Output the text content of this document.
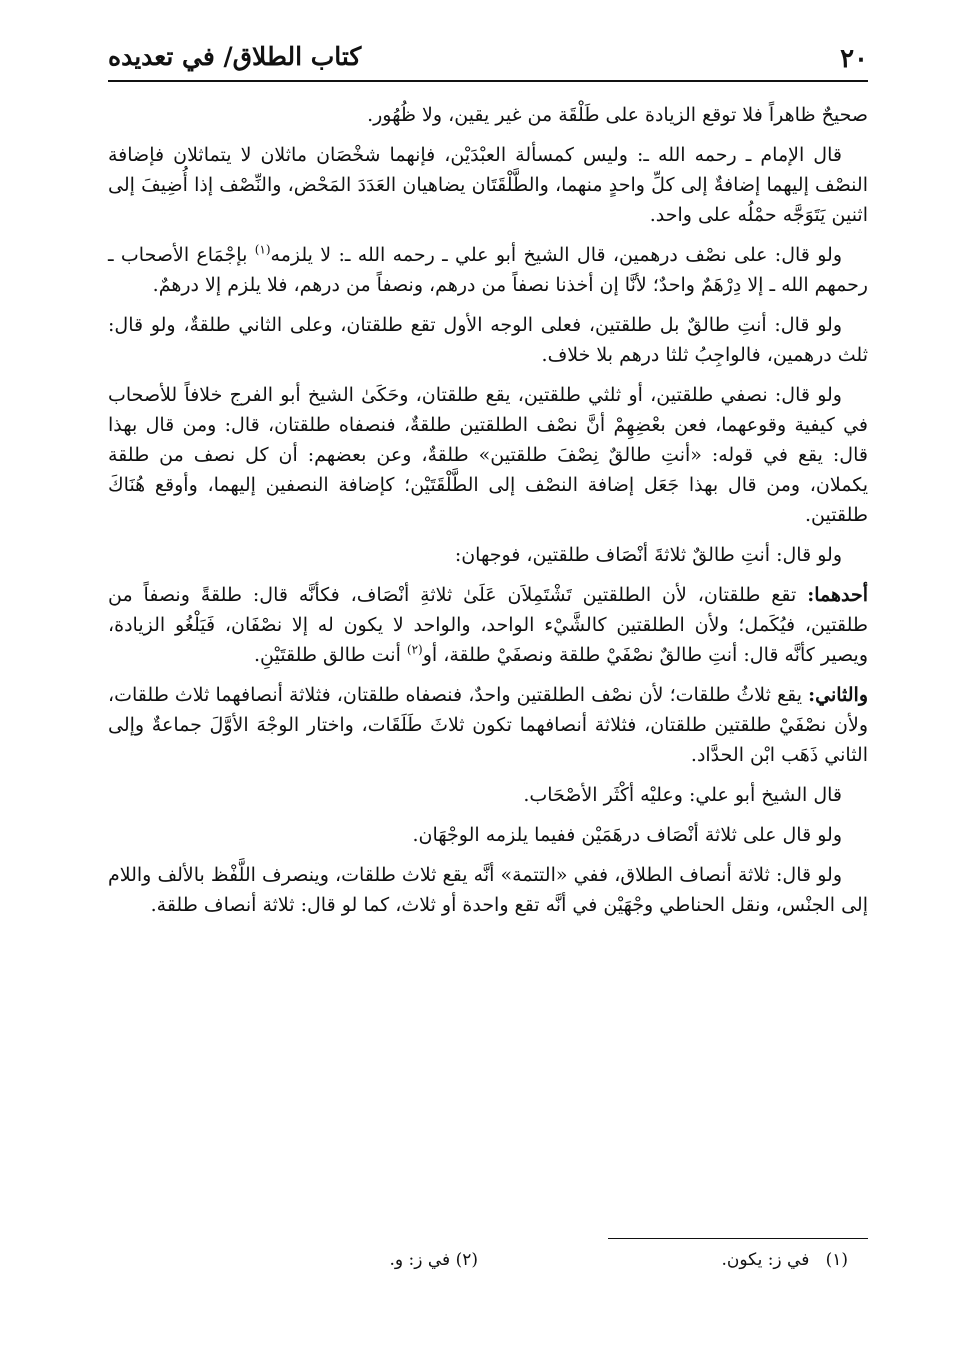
٢٠
كتاب الطلاق/ في تعديده

صحيحٌ ظاهراً فلا توقع الزيادة على طَلْقَة من غير يقين، ولا ظُهُور.

قال الإمام ـ رحمه الله ـ: وليس كمسألة العبْدَيْن، فإنهما شخْصَان ماثلان لا يتماثلان فإضافة النصْف إليهما إضافةٌ إلى كلِّ واحدٍ منهما، والطَّلْقَتَان يضاهيان العَدَدَ المَحْض، والنِّصْف إذا أُضِيفَ إلى اثنين يَتَوَجَّه حمْلُه على واحد.

ولو قال: على نصْف درهمين، قال الشيخ أبو علي ـ رحمه الله ـ: لا يلزمه$^{(١)}$ بإجْمَاع الأصحاب ـ رحمهم الله ـ إلا دِرْهَمٌ واحدٌ؛ لأنَّا إن أخذنا نصفاً من درهم، ونصفاً من درهم، فلا يلزم إلا درهمٌ.

ولو قال: أنتِ طالقٌ بل طلقتين، فعلى الوجه الأول تقع طلقتان، وعلى الثاني طلقةٌ، ولو قال: ثلث درهمين، فالواجِبُ ثلثا درهم بلا خلاف.

ولو قال: نصفي طلقتين، أو ثلثي طلقتين، يقع طلقتان، وحَكَىٰ الشيخ أبو الفرج خلافاً للأصحاب في كيفية وقوعهما، فعن بعْضِهِمْ أنَّ نصْف الطلقتين طلقةٌ، فنصفاه طلقتان، قال: ومن قال بهذا قال: يقع في قوله: «أنتِ طالقٌ نِصْفَ طلقتين» طلقةٌ، وعن بعضهم: أن كل نصف من طلقة يكملان، ومن قال بهذا جَعَل إضافة النصْف إلى الطَّلْقَتَيْن؛ كإضافة النصفين إليهما، وأوقع هُنَاكَ طلقتين.

ولو قال: أنتِ طالقٌ ثلاثةَ أنْصَاف طلقتين، فوجهان:

أحدهما: تقع طلقتان، لأن الطلقتين تَشْتَمِلاَن عَلَىٰ ثلاثةِ أنْصَاف، فكأنَّه قال: طلقةً ونصفاً من طلقتين، فيُكَمل؛ ولأن الطلقتين كالشَّيْء الواحد، والواحد لا يكون له إلا نصْفَان، فَيَلْغُو الزيادة، ويصير كأنَّه قال: أنتِ طالقٌ نصْفَيْ طلقة ونصفَيْ طلقة، أو$^{(٢)}$ أنت طالق طلقتَيْنِ.

والثاني: يقع ثلاثُ طلقات؛ لأن نصْف الطلقتين واحدٌ، فنصفاه طلقتان، فثلاثة أنصافهما ثلاث طلقات، ولأن نصْفَيْ طلقتين طلقتان، فثلاثة أنصافهما تكون ثلاثَ طَلَقَات، واختار الوجْهَ الأوَّلَ جماعةٌ وإلى الثاني ذَهَب ابْن الحدَّاد.

قال الشيخ أبو علي: وعليْه أكْثَر الأصْحَاب.

ولو قال على ثلاثة أنْصَاف درهَمَيْن ففيما يلزمه الوجْهَان.

ولو قال: ثلاثة أنصاف الطلاق، ففي «التتمة» أنَّه يقع ثلاث طلقات، وينصرف اللَّفْظ بالألف واللام إلى الجنْس، ونقل الحناطي وجْهَيْن في أنَّه تقع واحدة أو ثلاث، كما لو قال: ثلاثة أنصاف طلقة.

(١)   في ز: يكون.
(٢) في ز: و.
